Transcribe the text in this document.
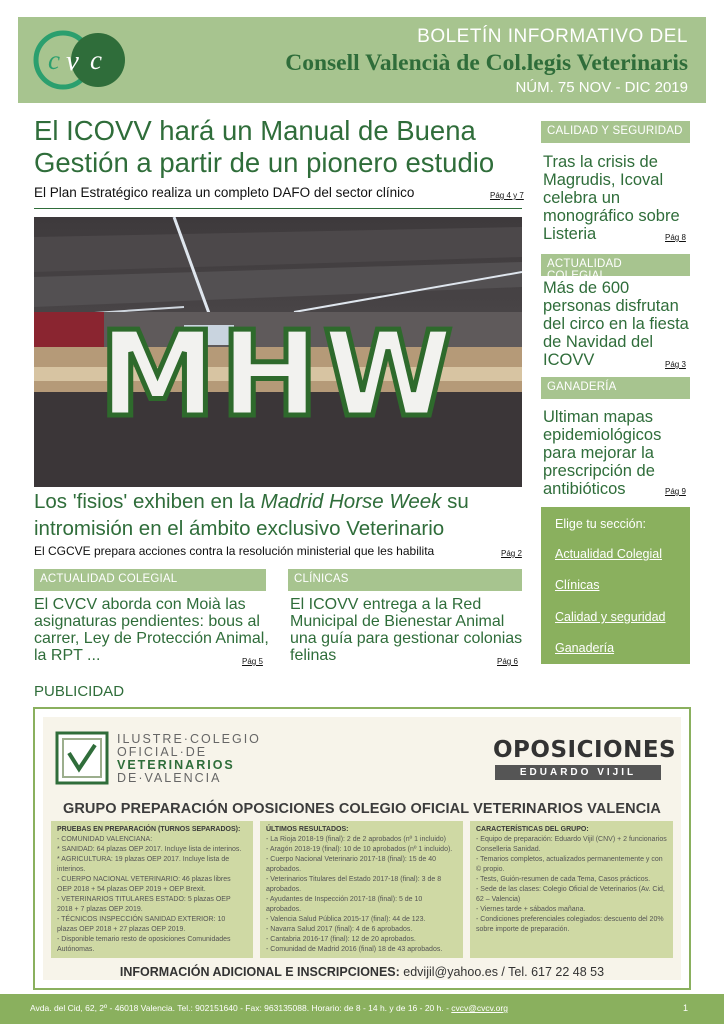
c v c
BOLETÍN INFORMATIVO DEL
Consell Valencià de Col.legis Veterinaris
NÚM. 75 NOV - DIC 2019
El ICOVV hará un Manual de Buena
Gestión a partir de un pionero estudio
El Plan Estratégico realiza un completo DAFO del sector clínico	Pág 4 y 7
MHW
Los 'fisios' exhiben en la Madrid Horse Week su intromisión en el ámbito exclusivo Veterinario
El CGCVE prepara acciones contra la resolución ministerial que les habilita	Pág 2
ACTUALIDAD COLEGIAL
El CVCV aborda con Moià las asignaturas pendientes: bous al carrer, Ley de Protección Animal, la RPT ...	Pág 5
CLÍNICAS
El ICOVV entrega a la Red Municipal de Bienestar Animal una guía para gestionar colonias felinas	Pág 6
CALIDAD Y SEGURIDAD
Tras la crisis de Magrudis, Icoval celebra un monográfico sobre Listeria	Pág 8
ACTUALIDAD COLEGIAL
Más de 600 personas disfrutan del circo en la fiesta de Navidad del ICOVV	Pág 3
GANADERÍA
Ultiman mapas epidemiológicos para mejorar la prescripción de antibióticos	Pág 9
Elige tu sección:
Actualidad Colegial
Clínicas
Calidad y seguridad
Ganadería
PUBLICIDAD
ILUSTRE·COLEGIO
OFICIAL·DE
VETERINARIOS
DE·VALENCIA
OPOSICIONES
EDUARDO VIJIL
GRUPO PREPARACIÓN OPOSICIONES COLEGIO OFICIAL VETERINARIOS VALENCIA
PRUEBAS EN PREPARACIÓN (TURNOS SEPARADOS):
- COMUNIDAD VALENCIANA:
* SANIDAD: 64 plazas OEP 2017. Incluye lista de interinos.
* AGRICULTURA: 19 plazas OEP 2017. Incluye lista de interinos.
- CUERPO NACIONAL VETERINARIO: 46 plazas libres OEP 2018 + 54 plazas OEP 2019 + OEP Brexit.
- VETERINARIOS TITULARES ESTADO: 5 plazas OEP 2018 + 7 plazas OEP 2019.
- TÉCNICOS INSPECCIÓN SANIDAD EXTERIOR: 10 plazas OEP 2018 + 27 plazas OEP 2019.
- Disponible temario resto de oposiciones Comunidades Autónomas.
ÚLTIMOS RESULTADOS:
- La Rioja 2018-19 (final): 2 de 2 aprobados (nº 1 incluido)
- Aragón 2018-19 (final): 10 de 10 aprobados (nº 1 incluido).
- Cuerpo Nacional Veterinario 2017-18 (final): 15 de 40 aprobados.
- Veterinarios Titulares del Estado 2017-18 (final): 3 de 8 aprobados.
- Ayudantes de Inspección 2017-18 (final): 5 de 10 aprobados.
- Valencia Salud Pública 2015-17 (final): 44 de 123.
- Navarra Salud 2017 (final): 4 de 6 aprobados.
- Cantabria 2016-17 (final): 12 de 20 aprobados.
- Comunidad de Madrid 2016 (final) 18 de 43 aprobados.
CARACTERÍSTICAS DEL GRUPO:
- Equipo de preparación: Eduardo Vijil (CNV) + 2 funcionarios Conselleria Sanidad.
- Temarios completos, actualizados permanentemente y con © propio.
- Tests, Guión-resumen de cada Tema, Casos prácticos.
- Sede de las clases: Colegio Oficial de Veterinarios (Av. Cid, 62 – Valencia)
- Viernes tarde + sábados mañana.
- Condiciones preferenciales colegiados: descuento del 20% sobre importe de preparación.
INFORMACIÓN ADICIONAL E INSCRIPCIONES: edvijil@yahoo.es / Tel. 617 22 48 53
Avda. del Cid, 62, 2º - 46018 Valencia. Tel.: 902151640 - Fax: 963135088. Horario: de 8 - 14 h. y de 16 - 20 h. - cvcv@cvcv.org	1
